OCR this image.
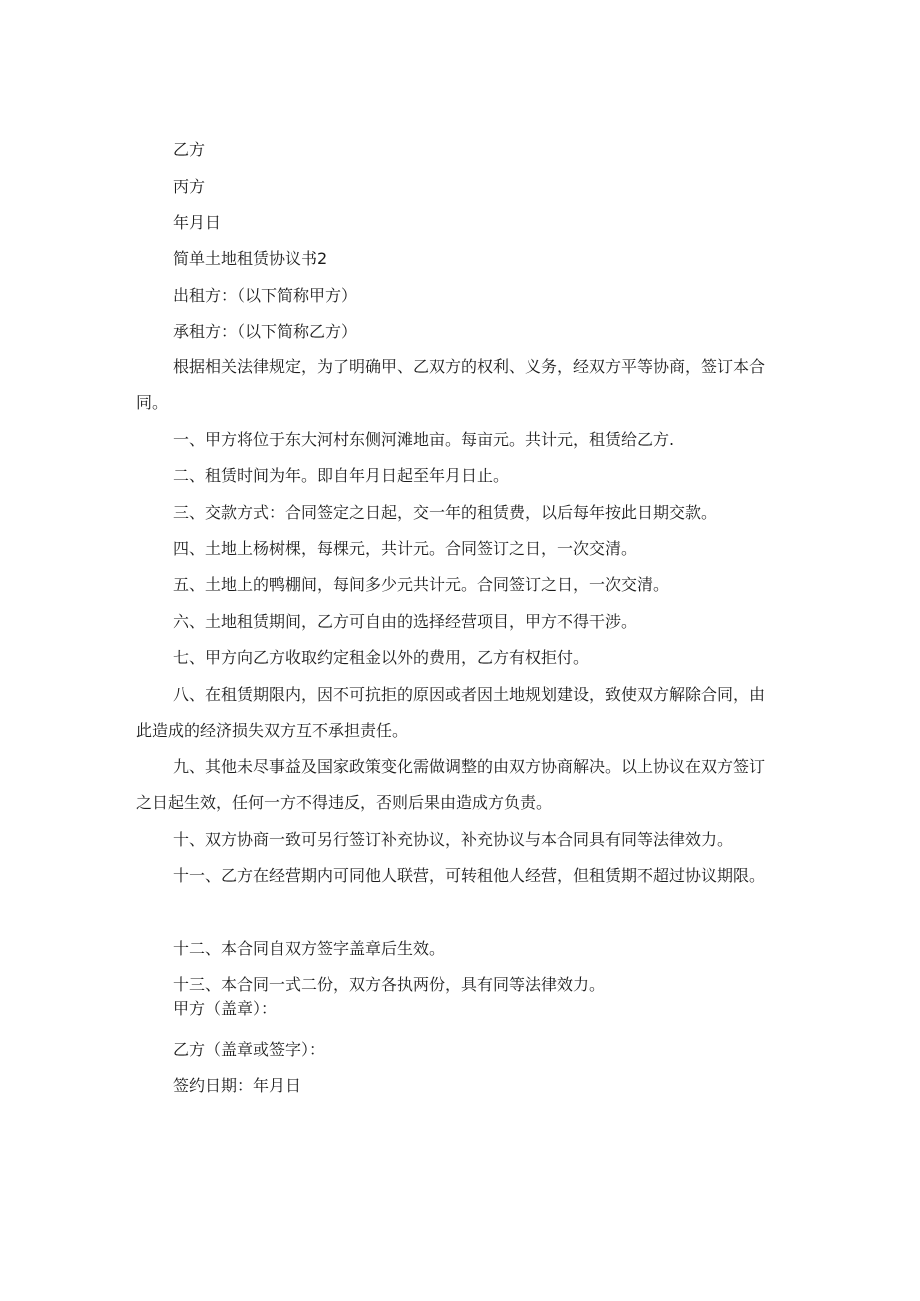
乙方
丙方
年月日
简单土地租赁协议书2
出租方：（以下简称甲方）
承租方：（以下简称乙方）

根据相关法律规定，为了明确甲、乙双方的权利、义务，经双方平等协商，签订本合同。

一、甲方将位于东大河村东侧河滩地亩。每亩元。共计元，租赁给乙方.

二、租赁时间为年。即自年月日起至年月日止。

三、交款方式：合同签定之日起，交一年的租赁费，以后每年按此日期交款。

四、土地上杨树棵，每棵元，共计元。合同签订之日，一次交清。

五、土地上的鸭棚间，每间多少元共计元。合同签订之日，一次交清。

六、土地租赁期间，乙方可自由的选择经营项目，甲方不得干涉。

七、甲方向乙方收取约定租金以外的费用，乙方有权拒付。

八、在租赁期限内，因不可抗拒的原因或者因土地规划建设，致使双方解除合同，由此造成的经济损失双方互不承担责任。

九、其他未尽事益及国家政策变化需做调整的由双方协商解决。以上协议在双方签订之日起生效，任何一方不得违反，否则后果由造成方负责。

十、双方协商一致可另行签订补充协议，补充协议与本合同具有同等法律效力。

十一、乙方在经营期内可同他人联营，可转租他人经营，但租赁期不超过协议期限。

十二、本合同自双方签字盖章后生效。

十三、本合同一式二份，双方各执两份，具有同等法律效力。

甲方（盖章）：
乙方（盖章或签字）：
签约日期：年月日
